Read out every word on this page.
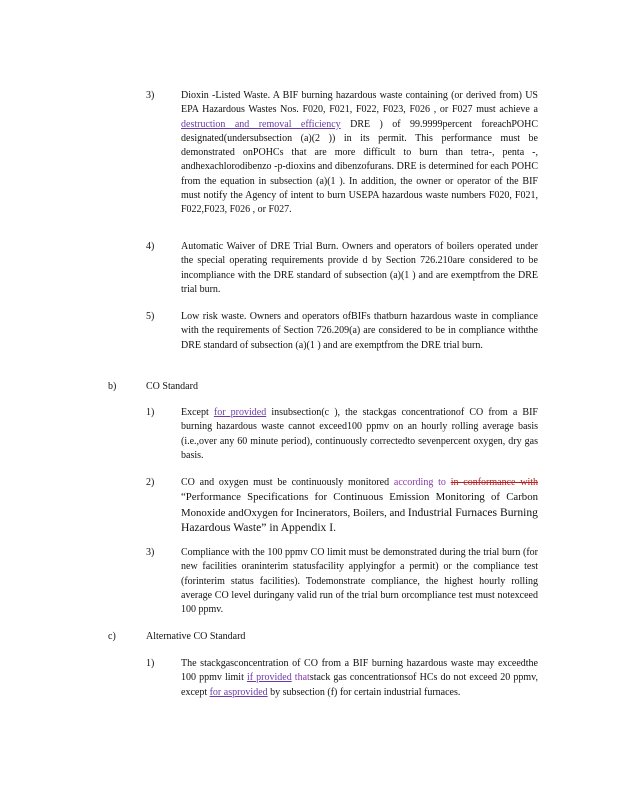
3)	Dioxin -Listed Waste. A BIF burning hazardous waste containing (or derived from) US EPA Hazardous Wastes Nos. F020, F021, F022, F023, F026 , or F027 must achieve a destruction and removal efficiency DRE ) of 99.9999percent foreachPOHC designated(undersubsection (a)(2 )) in its permit. This performance must be demonstrated onPOHCs that are more difficult to burn than tetra-, penta -, andhexachlorodibenzo -p-dioxins and dibenzofurans. DRE is determined for each POHC from the equation in subsection (a)(1 ). In addition, the owner or operator of the BIF must notify the Agency of intent to burn USEPA hazardous waste numbers F020, F021, F022,F023, F026 , or F027.
4)	Automatic Waiver of DRE Trial Burn. Owners and operators of boilers operated under the special operating requirements provide d by Section 726.210are considered to be incompliance with the DRE standard of subsection (a)(1 ) and are exemptfrom the DRE trial burn.
5)	Low risk waste. Owners and operators ofBIFs thatburn hazardous waste in compliance with the requirements of Section 726.209(a) are considered to be in compliance withthe DRE standard of subsection (a)(1 ) and are exemptfrom the DRE trial burn.
b)	CO Standard
1)	Except for provided insubsection(c ), the stackgas concentrationof CO from a BIF burning hazardous waste cannot exceed100 ppmv on an hourly rolling average basis (i.e.,over any 60 minute period), continuously correctedto sevenpercent oxygen, dry gas basis.
2)	CO and oxygen must be continuously monitored according to in conformance with “Performance Specifications for Continuous Emission Monitoring of Carbon Monoxide andOxygen for Incinerators, Boilers, and Industrial Furnaces Burning Hazardous Waste” in Appendix I.
3)	Compliance with the 100 ppmv CO limit must be demonstrated during the trial burn (for new facilities oraninterim statusfacility applyingfor a permit) or the compliance test (forinterim status facilities). Todemonstrate compliance, the highest hourly rolling average CO level duringany valid run of the trial burn orcompliance test must notexceed 100 ppmv.
c)	Alternative CO Standard
1)	The stackgasconcentration of CO from a BIF burning hazardous waste may exceedthe 100 ppmv limit if provided thatstack gas concentrationsof HCs do not exceed 20 ppmv, except for asprovided by subsection (f) for certain industrial furnaces.
